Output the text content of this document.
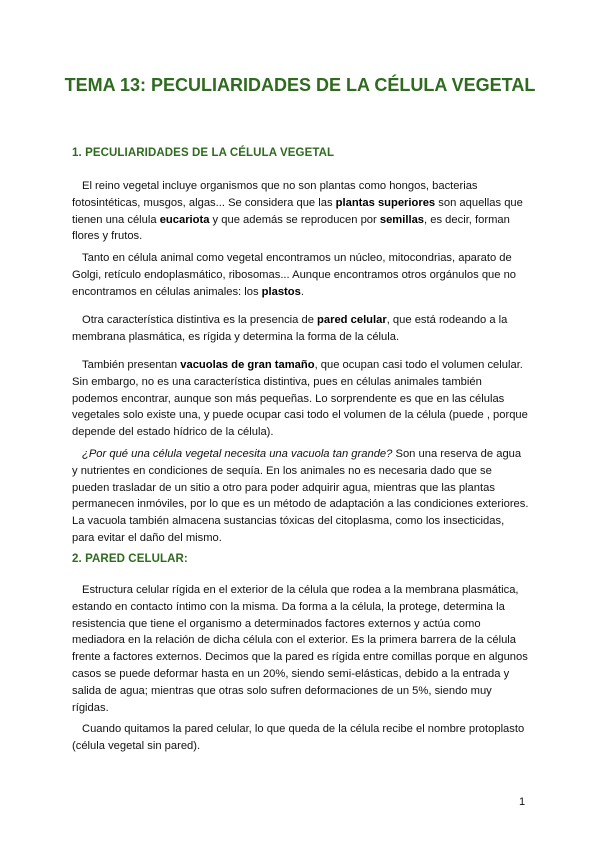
TEMA 13: PECULIARIDADES DE LA CÉLULA VEGETAL
1. PECULIARIDADES DE LA CÉLULA VEGETAL

El reino vegetal incluye organismos que no son plantas como hongos, bacterias fotosintéticas, musgos, algas... Se considera que las plantas superiores son aquellas que tienen una célula eucariota y que además se reproducen por semillas, es decir, forman flores y frutos.

Tanto en célula animal como vegetal encontramos un núcleo, mitocondrias, aparato de Golgi, retículo endoplasmático, ribosomas... Aunque encontramos otros orgánulos que no encontramos en células animales: los plastos.

Otra característica distintiva es la presencia de pared celular, que está rodeando a la membrana plasmática, es rígida y determina la forma de la célula.

También presentan vacuolas de gran tamaño, que ocupan casi todo el volumen celular. Sin embargo, no es una característica distintiva, pues en células animales también podemos encontrar, aunque son más pequeñas. Lo sorprendente es que en las células vegetales solo existe una, y puede ocupar casi todo el volumen de la célula (puede , porque depende del estado hídrico de la célula).

¿Por qué una célula vegetal necesita una vacuola tan grande? Son una reserva de agua y nutrientes en condiciones de sequía. En los animales no es necesaria dado que se pueden trasladar de un sitio a otro para poder adquirir agua, mientras que las plantas permanecen inmóviles, por lo que es un método de adaptación a las condiciones exteriores. La vacuola también almacena sustancias tóxicas del citoplasma, como los insecticidas, para evitar el daño del mismo.

2. PARED CELULAR:

Estructura celular rígida en el exterior de la célula que rodea a la membrana plasmática, estando en contacto íntimo con la misma. Da forma a la célula, la protege, determina la resistencia que tiene el organismo a determinados factores externos y actúa como mediadora en la relación de dicha célula con el exterior. Es la primera barrera de la célula frente a factores externos. Decimos que la pared es rígida entre comillas porque en algunos casos se puede deformar hasta en un 20%, siendo semi-elásticas, debido a la entrada y salida de agua; mientras que otras solo sufren deformaciones de un 5%, siendo muy rígidas.

Cuando quitamos la pared celular, lo que queda de la célula recibe el nombre protoplasto (célula vegetal sin pared).

1
